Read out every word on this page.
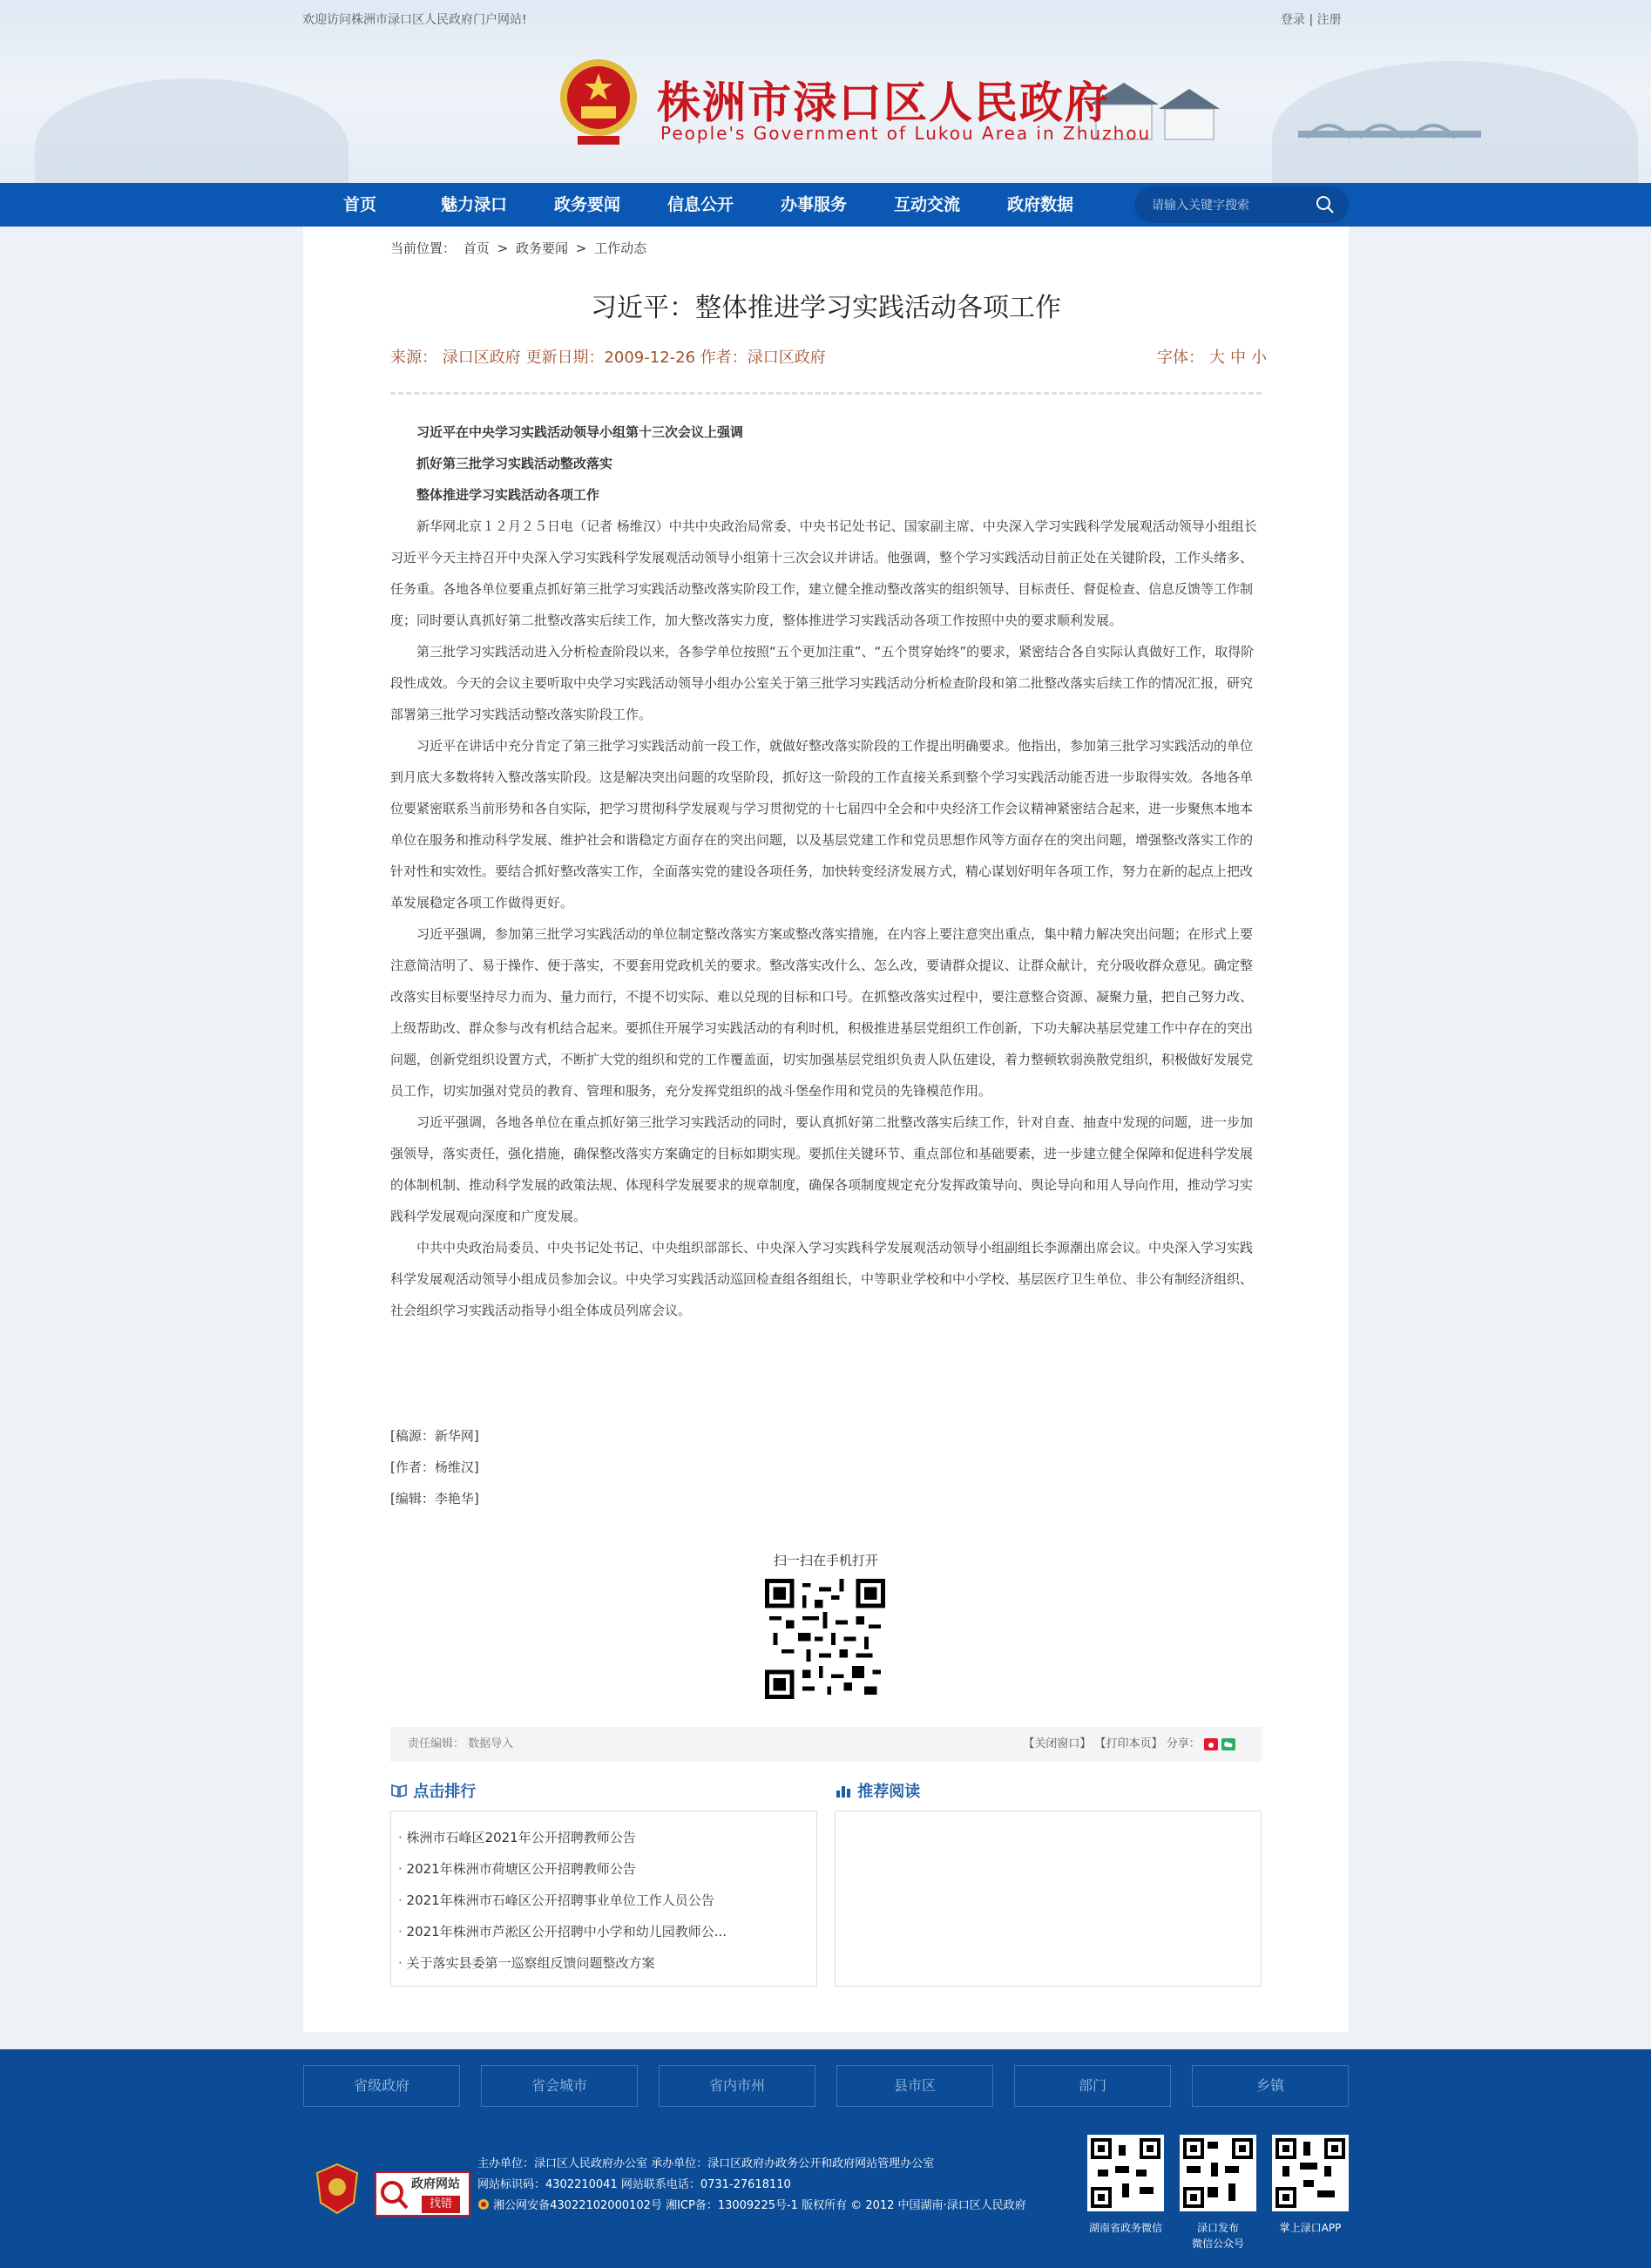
欢迎访问株洲市渌口区人民政府门户网站!	登录 | 注册
株洲市渌口区人民政府
People's Government of Lukou Area in Zhuzhou
首页	魅力渌口	政务要闻	信息公开	办事服务	互动交流	政府数据
请输入关键字搜索
当前位置： 首页 > 政务要闻 > 工作动态
习近平：整体推进学习实践活动各项工作
来源： 渌口区政府 更新日期：2009-12-26 作者：渌口区政府	字体： 大 中 小

习近平在中央学习实践活动领导小组第十三次会议上强调

抓好第三批学习实践活动整改落实

整体推进学习实践活动各项工作

新华网北京１２月２５日电（记者 杨维汉）中共中央政治局常委、中央书记处书记、国家副主席、中央深入学习实践科学发展观活动领导小组组长习近平今天主持召开中央深入学习实践科学发展观活动领导小组第十三次会议并讲话。他强调，整个学习实践活动目前正处在关键阶段，工作头绪多、任务重。各地各单位要重点抓好第三批学习实践活动整改落实阶段工作，建立健全推动整改落实的组织领导、目标责任、督促检查、信息反馈等工作制度；同时要认真抓好第二批整改落实后续工作，加大整改落实力度，整体推进学习实践活动各项工作按照中央的要求顺利发展。

第三批学习实践活动进入分析检查阶段以来，各参学单位按照“五个更加注重”、“五个贯穿始终”的要求，紧密结合各自实际认真做好工作，取得阶段性成效。今天的会议主要听取中央学习实践活动领导小组办公室关于第三批学习实践活动分析检查阶段和第二批整改落实后续工作的情况汇报，研究部署第三批学习实践活动整改落实阶段工作。

习近平在讲话中充分肯定了第三批学习实践活动前一段工作，就做好整改落实阶段的工作提出明确要求。他指出，参加第三批学习实践活动的单位到月底大多数将转入整改落实阶段。这是解决突出问题的攻坚阶段，抓好这一阶段的工作直接关系到整个学习实践活动能否进一步取得实效。各地各单位要紧密联系当前形势和各自实际，把学习贯彻科学发展观与学习贯彻党的十七届四中全会和中央经济工作会议精神紧密结合起来，进一步聚焦本地本单位在服务和推动科学发展、维护社会和谐稳定方面存在的突出问题，以及基层党建工作和党员思想作风等方面存在的突出问题，增强整改落实工作的针对性和实效性。要结合抓好整改落实工作，全面落实党的建设各项任务，加快转变经济发展方式，精心谋划好明年各项工作，努力在新的起点上把改革发展稳定各项工作做得更好。

习近平强调，参加第三批学习实践活动的单位制定整改落实方案或整改落实措施，在内容上要注意突出重点，集中精力解决突出问题；在形式上要注意简洁明了、易于操作、便于落实，不要套用党政机关的要求。整改落实改什么、怎么改，要请群众提议、让群众献计，充分吸收群众意见。确定整改落实目标要坚持尽力而为、量力而行，不提不切实际、难以兑现的目标和口号。在抓整改落实过程中，要注意整合资源、凝聚力量，把自己努力改、上级帮助改、群众参与改有机结合起来。要抓住开展学习实践活动的有利时机，积极推进基层党组织工作创新，下功夫解决基层党建工作中存在的突出问题，创新党组织设置方式，不断扩大党的组织和党的工作覆盖面，切实加强基层党组织负责人队伍建设，着力整顿软弱涣散党组织，积极做好发展党员工作，切实加强对党员的教育、管理和服务，充分发挥党组织的战斗堡垒作用和党员的先锋模范作用。

习近平强调，各地各单位在重点抓好第三批学习实践活动的同时，要认真抓好第二批整改落实后续工作，针对自查、抽查中发现的问题，进一步加强领导，落实责任，强化措施，确保整改落实方案确定的目标如期实现。要抓住关键环节、重点部位和基础要素，进一步建立健全保障和促进科学发展的体制机制、推动科学发展的政策法规、体现科学发展要求的规章制度，确保各项制度规定充分发挥政策导向、舆论导向和用人导向作用，推动学习实践科学发展观向深度和广度发展。

中共中央政治局委员、中央书记处书记、中央组织部部长、中央深入学习实践科学发展观活动领导小组副组长李源潮出席会议。中央深入学习实践科学发展观活动领导小组成员参加会议。中央学习实践活动巡回检查组各组组长，中等职业学校和中小学校、基层医疗卫生单位、非公有制经济组织、社会组织学习实践活动指导小组全体成员列席会议。

[稿源：新华网]
[作者：杨维汉]
[编辑：李艳华]
扫一扫在手机打开
责任编辑： 数据导入	【关闭窗口】 【打印本页】 分享：
点击排行	推荐阅读
· 株洲市石峰区2021年公开招聘教师公告
· 2021年株洲市荷塘区公开招聘教师公告
· 2021年株洲市石峰区公开招聘事业单位工作人员公告
· 2021年株洲市芦淞区公开招聘中小学和幼儿园教师公...
· 关于落实县委第一巡察组反馈问题整改方案
省级政府	省会城市	省内市州	县市区	部门	乡镇
政府网站
找错
主办单位：渌口区人民政府办公室 承办单位：渌口区政府办政务公开和政府网站管理办公室
网站标识码：4302210041 网站联系电话：0731-27618110
湘公网安备43022102000102号 湘ICP备：13009225号-1 版权所有 © 2012 中国湖南·渌口区人民政府
湖南省政务微信	渌口发布
微信公众号
掌上渌口APP
